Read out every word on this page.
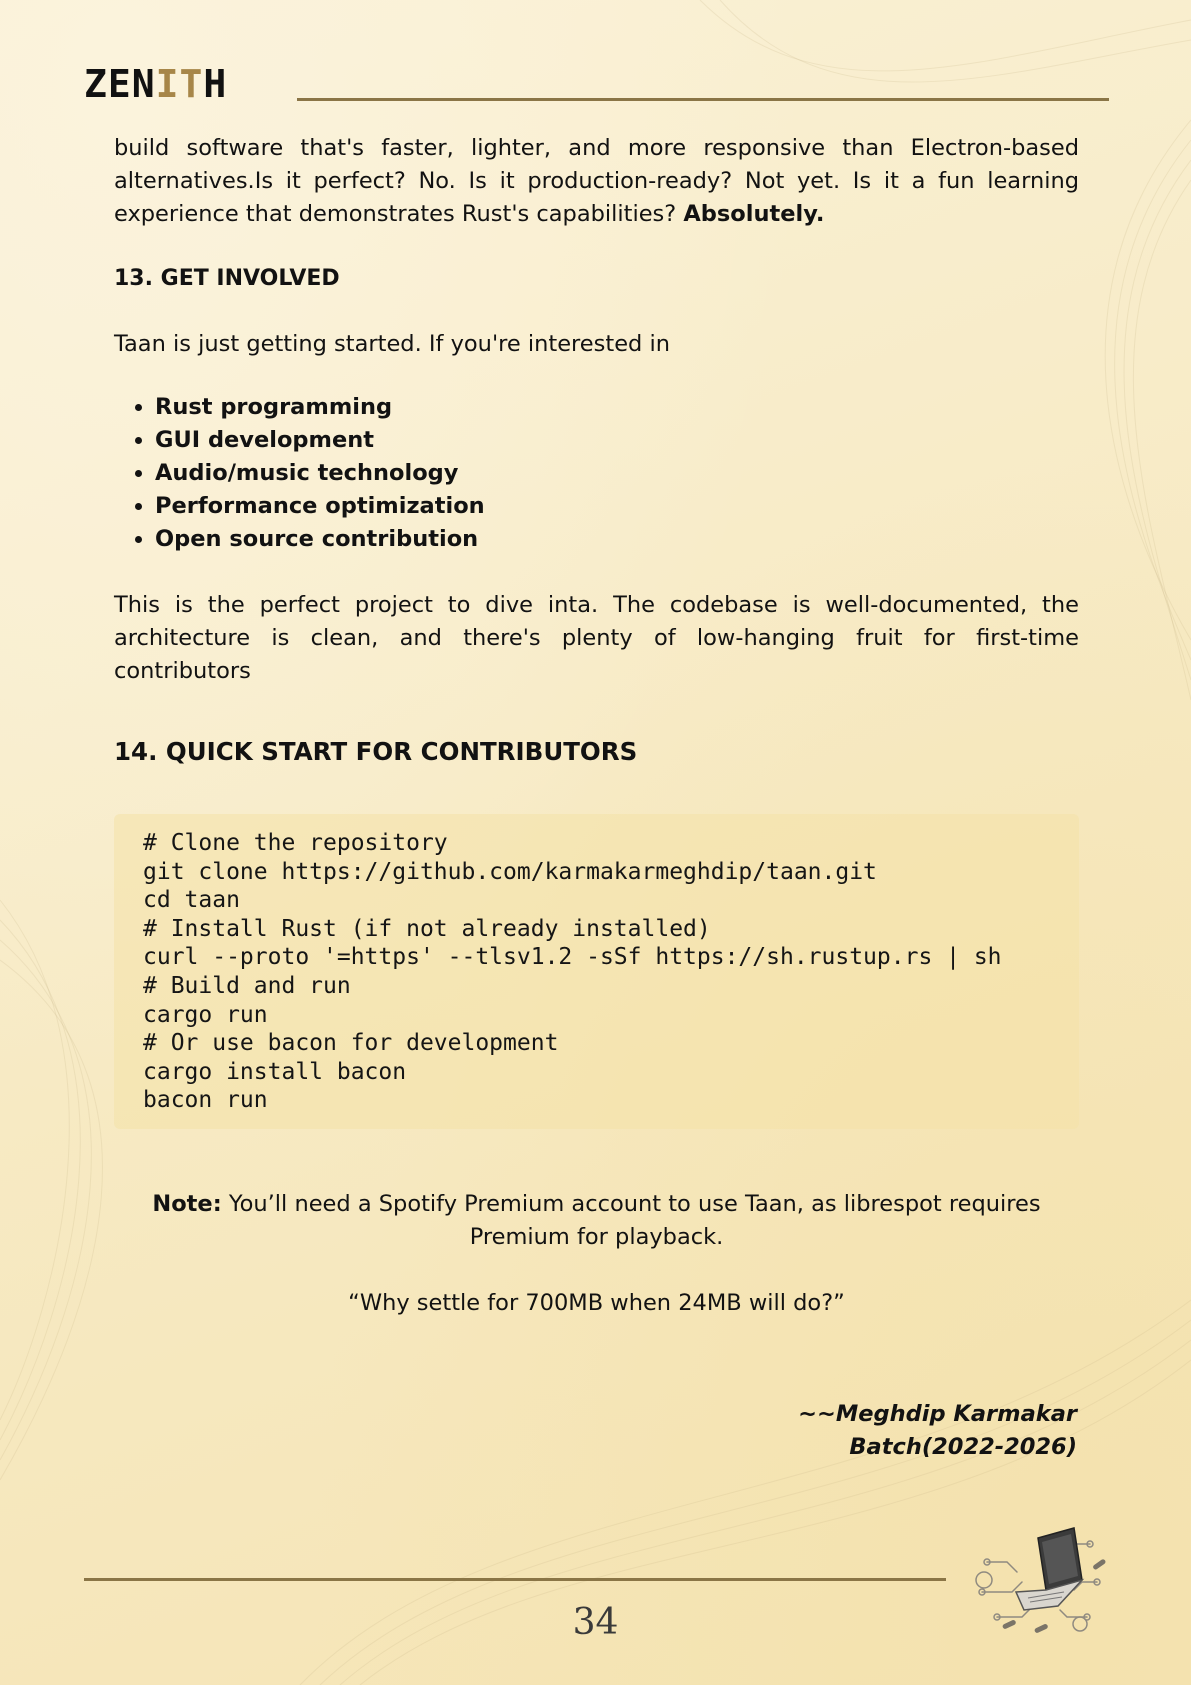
ZENITH

build software that's faster, lighter, and more responsive than Electron-based alternatives.Is it perfect? No. Is it production-ready? Not yet. Is it a fun learning experience that demonstrates Rust's capabilities? Absolutely.

13. GET INVOLVED

Taan is just getting started. If you're interested in

• Rust programming
• GUI development
• Audio/music technology
• Performance optimization
• Open source contribution

This is the perfect project to dive inta. The codebase is well-documented, the architecture is clean, and there's plenty of low-hanging fruit for first-time contributors

14. QUICK START FOR CONTRIBUTORS
# Clone the repository
git clone https://github.com/karmakarmeghdip/taan.git
cd taan
# Install Rust (if not already installed)
curl --proto '=https' --tlsv1.2 -sSf https://sh.rustup.rs | sh
# Build and run
cargo run
# Or use bacon for development
cargo install bacon
bacon run

Note: You’ll need a Spotify Premium account to use Taan, as librespot requires Premium for playback.

“Why settle for 700MB when 24MB will do?”

~~Meghdip Karmakar
Batch(2022-2026)
34
